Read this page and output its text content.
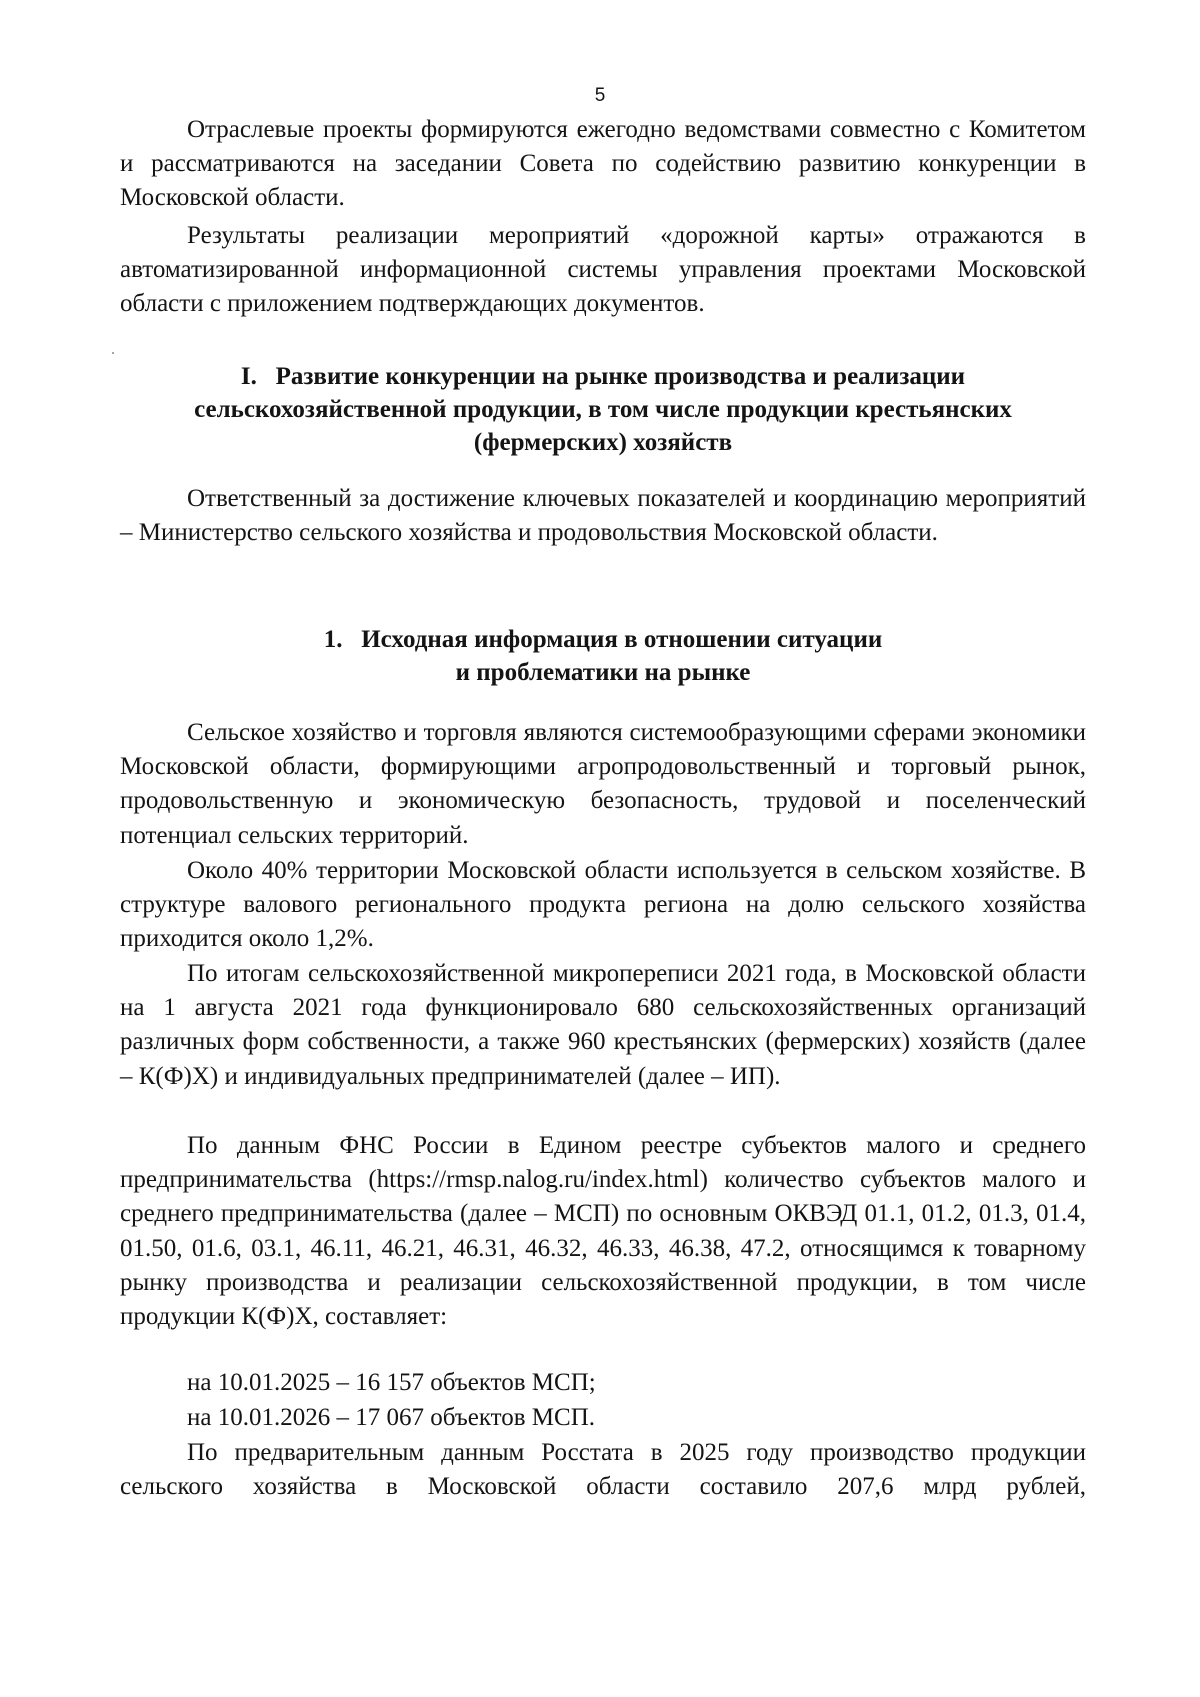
5

Отраслевые проекты формируются ежегодно ведомствами совместно с Комитетом и рассматриваются на заседании Совета по содействию развитию конкуренции в Московской области.

Результаты реализации мероприятий «дорожной карты» отражаются в автоматизированной информационной системы управления проектами Московской области с приложением подтверждающих документов.

I.   Развитие конкуренции на рынке производства и реализации
сельскохозяйственной продукции, в том числе продукции крестьянских
(фермерских) хозяйств

Ответственный за достижение ключевых показателей и координацию мероприятий – Министерство сельского хозяйства и продовольствия Московской области.

1.   Исходная информация в отношении ситуации
и проблематики на рынке

Сельское хозяйство и торговля являются системообразующими сферами экономики Московской области, формирующими агропродовольственный и торговый рынок, продовольственную и экономическую безопасность, трудовой и поселенческий потенциал сельских территорий.

Около 40% территории Московской области используется в сельском хозяйстве. В структуре валового регионального продукта региона на долю сельского хозяйства приходится около 1,2%.

По итогам сельскохозяйственной микропереписи 2021 года, в Московской области на 1 августа 2021 года функционировало 680 сельскохозяйственных организаций различных форм собственности, а также 960 крестьянских (фермерских) хозяйств (далее – К(Ф)Х) и индивидуальных предпринимателей (далее – ИП).

По данным ФНС России в Едином реестре субъектов малого и среднего предпринимательства (https://rmsp.nalog.ru/index.html) количество субъектов малого и среднего предпринимательства (далее – МСП) по основным ОКВЭД 01.1, 01.2, 01.3, 01.4, 01.50, 01.6, 03.1, 46.11, 46.21, 46.31, 46.32, 46.33, 46.38, 47.2, относящимся к товарному рынку производства и реализации сельскохозяйственной продукции, в том числе продукции К(Ф)Х, составляет:

на 10.01.2025 – 16 157 объектов МСП;

на 10.01.2026 – 17 067 объектов МСП.

По предварительным данным Росстата в 2025 году производство продукции сельского хозяйства в Московской области составило 207,6 млрд рублей,
